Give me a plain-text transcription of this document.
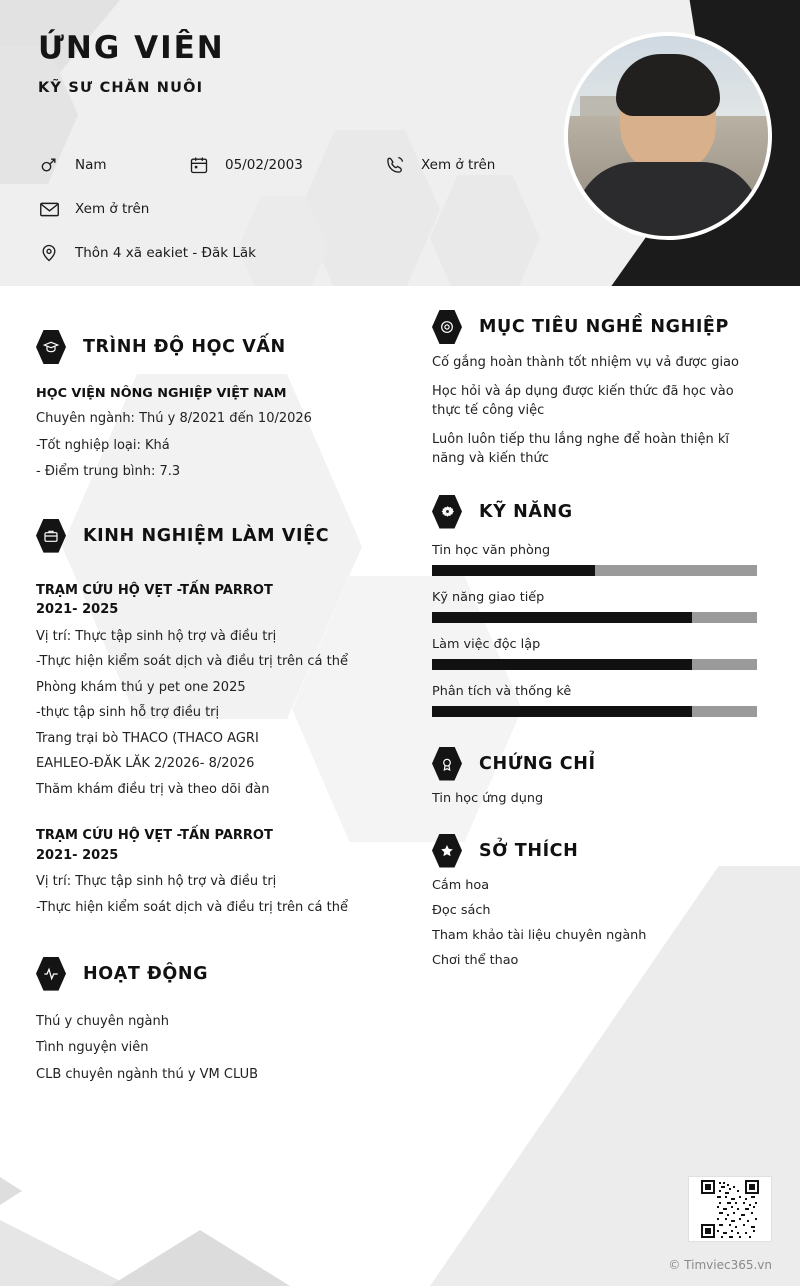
ỨNG VIÊN
KỸ SƯ CHĂN NUÔI
Nam	05/02/2003	Xem ở trên
Xem ở trên
Thôn 4 xã eakiet - Đăk Lăk
TRÌNH ĐỘ HỌC VẤN
HỌC VIỆN NÔNG NGHIỆP VIỆT NAM
Chuyên ngành: Thú y 8/2021 đến 10/2026
-Tốt nghiệp loại: Khá
- Điểm trung bình: 7.3
KINH NGHIỆM LÀM VIỆC
TRẠM CỨU HỘ VẸT -TẤN PARROT
2021- 2025
Vị trí: Thực tập sinh hộ trợ và điều trị
-Thực hiện kiểm soát dịch và điều trị trên cá thể
Phòng khám thú y pet one 2025
-thực tập sinh hỗ trợ điều trị
Trang trại bò THACO (THACO AGRI
EAHLEO-ĐĂK LĂK 2/2026- 8/2026
Thăm khám điều trị và theo dõi đàn
TRẠM CỨU HỘ VẸT -TẤN PARROT
2021- 2025
Vị trí: Thực tập sinh hộ trợ và điều trị
-Thực hiện kiểm soát dịch và điều trị trên cá thể
HOẠT ĐỘNG
Thú y chuyên ngành
Tình nguyện viên
CLB chuyên ngành thú y VM CLUB
MỤC TIÊU NGHỀ NGHIỆP
Cố gắng hoàn thành tốt nhiệm vụ vả được giao
Học hỏi và áp dụng được kiến thức đã học vào thực tế công việc
Luôn luôn tiếp thu lắng nghe để hoàn thiện kĩ năng và kiến thức
KỸ NĂNG
Tin học văn phòng
Kỹ năng giao tiếp
Làm việc độc lập
Phân tích và thống kê
CHỨNG CHỈ
Tin học ứng dụng
SỞ THÍCH
Cắm hoa
Đọc sách
Tham khảo tài liệu chuyên ngành
Chơi thể thao
© Timviec365.vn
